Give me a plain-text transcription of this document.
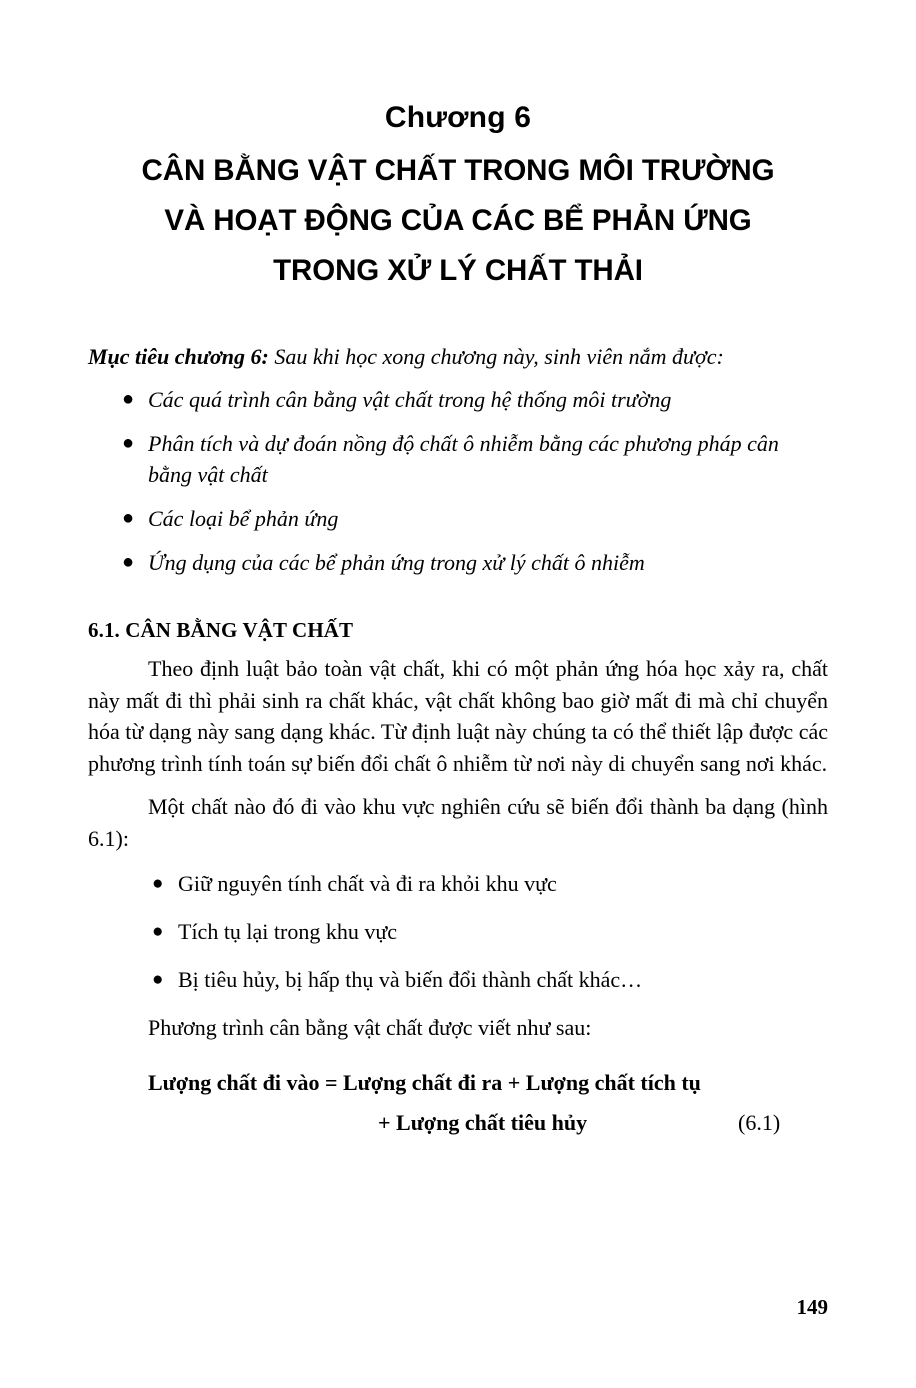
Chương 6
CÂN BẰNG VẬT CHẤT TRONG MÔI TRƯỜNG
VÀ HOẠT ĐỘNG CỦA CÁC BỂ PHẢN ỨNG
TRONG XỬ LÝ CHẤT THẢI

Mục tiêu chương 6: Sau khi học xong chương này, sinh viên nắm được:

● Các quá trình cân bằng vật chất trong hệ thống môi trường
● Phân tích và dự đoán nồng độ chất ô nhiễm bằng các phương pháp cân bằng vật chất
● Các loại bể phản ứng
● Ứng dụng của các bể phản ứng trong xử lý chất ô nhiễm
6.1. CÂN BẰNG VẬT CHẤT

Theo định luật bảo toàn vật chất, khi có một phản ứng hóa học xảy ra, chất này mất đi thì phải sinh ra chất khác, vật chất không bao giờ mất đi mà chỉ chuyển hóa từ dạng này sang dạng khác. Từ định luật này chúng ta có thể thiết lập được các phương trình tính toán sự biến đổi chất ô nhiễm từ nơi này di chuyển sang nơi khác.

Một chất nào đó đi vào khu vực nghiên cứu sẽ biến đổi thành ba dạng (hình 6.1):

● Giữ nguyên tính chất và đi ra khỏi khu vực
● Tích tụ lại trong khu vực
● Bị tiêu hủy, bị hấp thụ và biến đổi thành chất khác…

Phương trình cân bằng vật chất được viết như sau:

Lượng chất đi vào = Lượng chất đi ra + Lượng chất tích tụ
+ Lượng chất tiêu hủy	(6.1)
149
